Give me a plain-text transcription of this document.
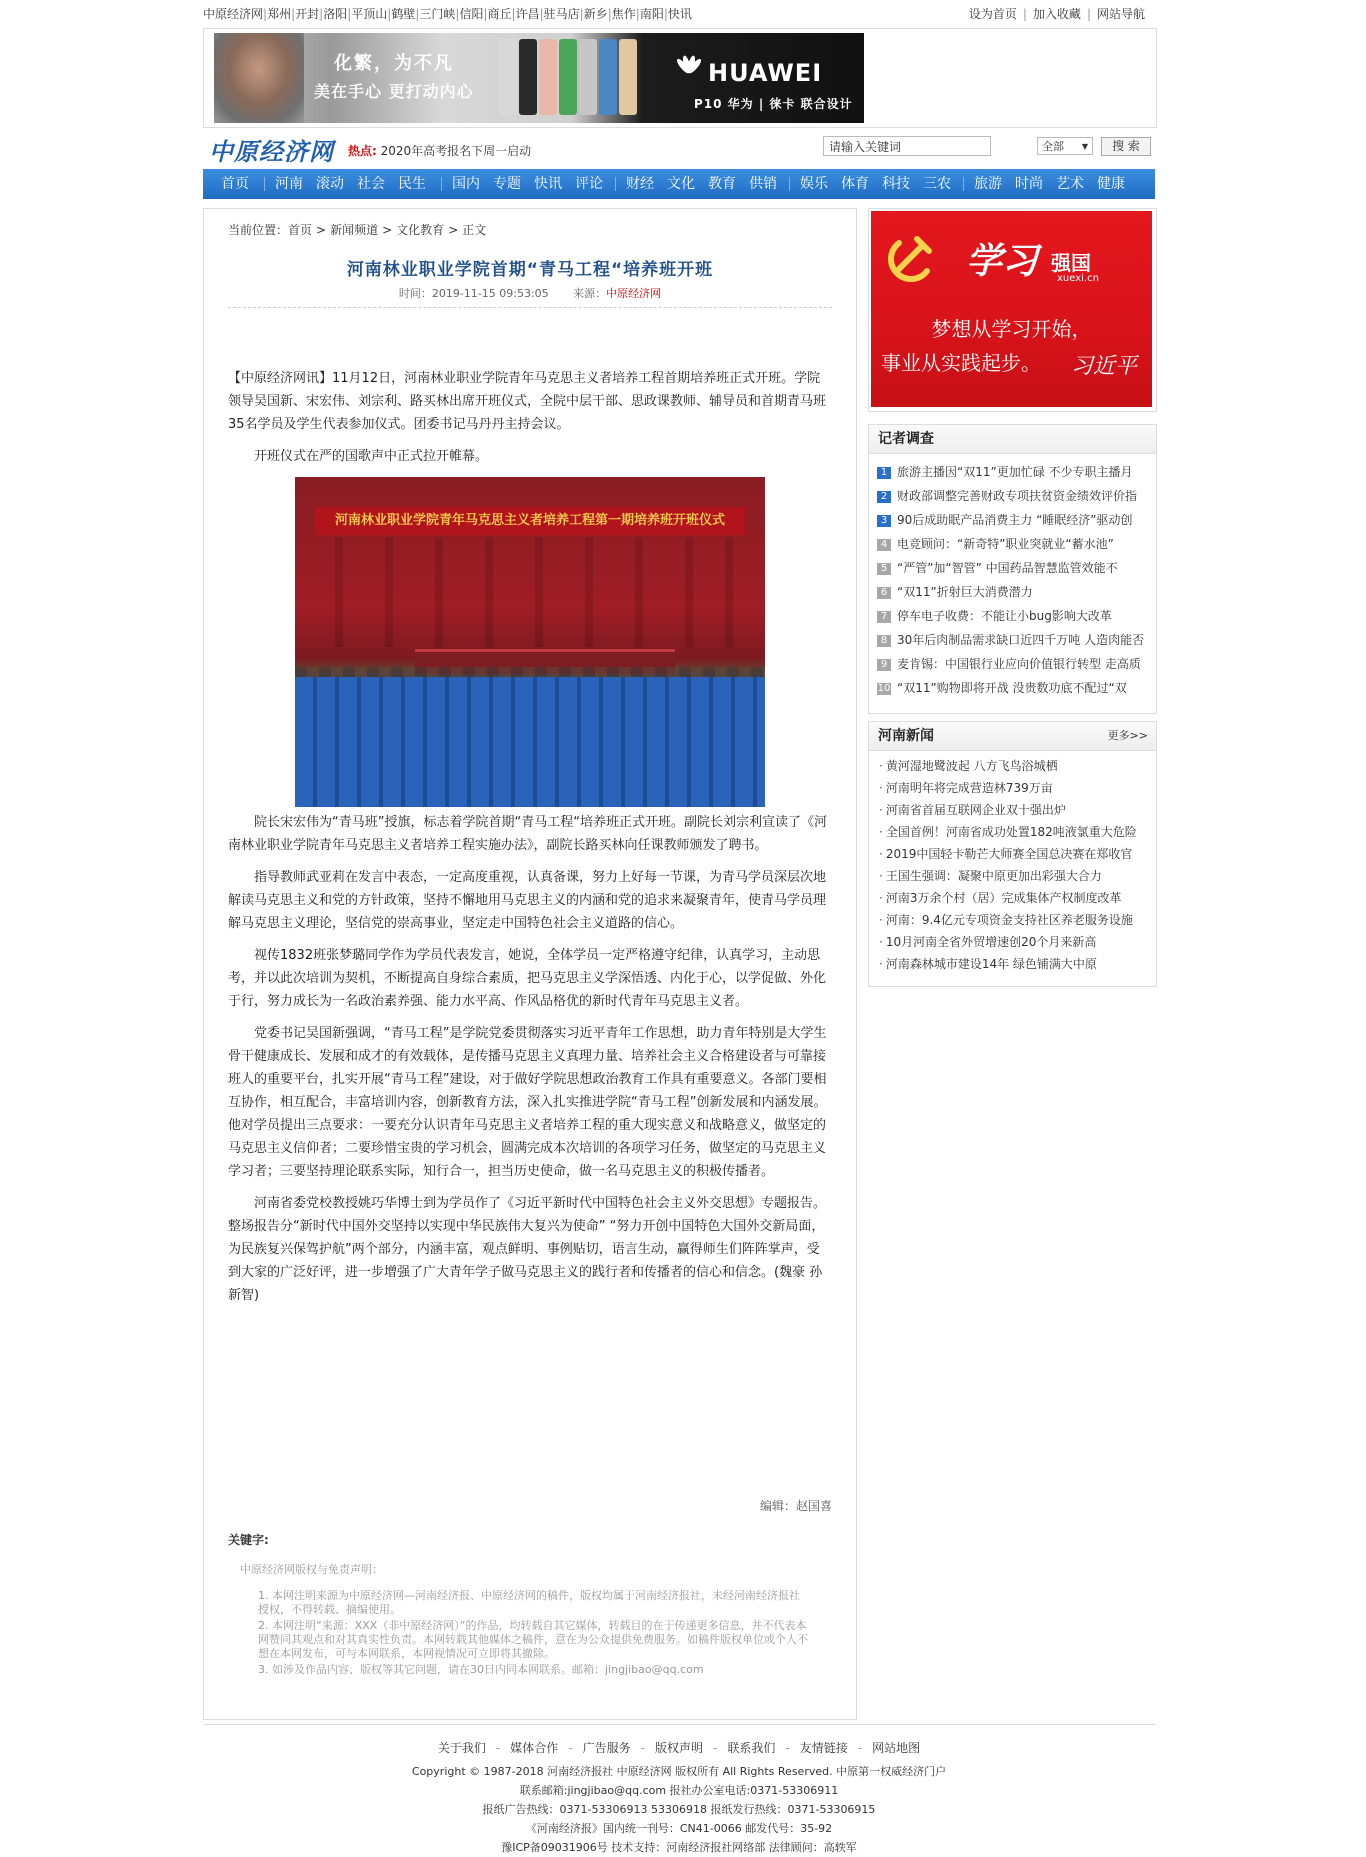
中原经济网|郑州|开封|洛阳|平顶山|鹤壁|三门峡|信阳|商丘|许昌|驻马店|新乡|焦作|南阳|快讯	设为首页 | 加入收藏 | 网站导航
化繁，为不凡
美在手心 更打动内心
HUAWEI
P10 华为 | 徕卡 联合设计
中原经济网 热点: 2020年高考报名下周一启动	请输入关键词	全部 ▼	搜 索
首页 河南 滚动 社会 民生 国内 专题 快讯 评论 财经 文化 教育 供销 娱乐 体育 科技 三农 旅游 时尚 艺术 健康
当前位置：首页 > 新闻频道 > 文化教育 > 正文
河南林业职业学院首期“青马工程“培养班开班
时间：2019-11-15 09:53:05 来源：中原经济网

【中原经济网讯】11月12日，河南林业职业学院青年马克思主义者培养工程首期培养班正式开班。学院领导吴国新、宋宏伟、刘宗利、路买林出席开班仪式，全院中层干部、思政课教师、辅导员和首期青马班35名学员及学生代表参加仪式。团委书记马丹丹主持会议。

开班仪式在严的国歌声中正式拉开帷幕。

河南林业职业学院青年马克思主义者培养工程第一期培养班开班仪式

院长宋宏伟为“青马班”授旗，标志着学院首期“青马工程“培养班正式开班。副院长刘宗利宣读了《河南林业职业学院青年马克思主义者培养工程实施办法》，副院长路买林向任课教师颁发了聘书。

指导教师武亚莉在发言中表态，一定高度重视，认真备课，努力上好每一节课，为青马学员深层次地解读马克思主义和党的方针政策，坚持不懈地用马克思主义的内涵和党的追求来凝聚青年，使青马学员理解马克思主义理论，坚信党的崇高事业，坚定走中国特色社会主义道路的信心。

视传1832班张梦璐同学作为学员代表发言，她说，全体学员一定严格遵守纪律，认真学习，主动思考，并以此次培训为契机，不断提高自身综合素质，把马克思主义学深悟透、内化于心，以学促做、外化于行，努力成长为一名政治素养强、能力水平高、作风品格优的新时代青年马克思主义者。

党委书记吴国新强调，“青马工程”是学院党委贯彻落实习近平青年工作思想，助力青年特别是大学生骨干健康成长、发展和成才的有效载体，是传播马克思主义真理力量、培养社会主义合格建设者与可靠接班人的重要平台，扎实开展“青马工程”建设，对于做好学院思想政治教育工作具有重要意义。各部门要相互协作，相互配合，丰富培训内容，创新教育方法，深入扎实推进学院“青马工程”创新发展和内涵发展。他对学员提出三点要求：一要充分认识青年马克思主义者培养工程的重大现实意义和战略意义，做坚定的马克思主义信仰者；二要珍惜宝贵的学习机会，圆满完成本次培训的各项学习任务，做坚定的马克思主义学习者；三要坚持理论联系实际，知行合一，担当历史使命，做一名马克思主义的积极传播者。

河南省委党校教授姚巧华博士到为学员作了《习近平新时代中国特色社会主义外交思想》专题报告。整场报告分“新时代中国外交坚持以实现中华民族伟大复兴为使命” “努力开创中国特色大国外交新局面，为民族复兴保驾护航”两个部分，内涵丰富，观点鲜明、事例贴切，语言生动，赢得师生们阵阵掌声，受到大家的广泛好评，进一步增强了广大青年学子做马克思主义的践行者和传播者的信心和信念。(魏豪 孙新智)

编辑：赵国喜
关键字:
中原经济网版权与免责声明：
1. 本网注明来源为中原经济网—河南经济报、中原经济网的稿件，版权均属于河南经济报社，未经河南经济报社授权，不得转载、摘编使用。
2. 本网注明“来源：XXX（非中原经济网）”的作品，均转载自其它媒体，转载目的在于传递更多信息，并不代表本网赞同其观点和对其真实性负责。本网转载其他媒体之稿件，意在为公众提供免费服务。如稿件版权单位或个人不想在本网发布，可与本网联系，本网视情况可立即将其撤除。
3. 如涉及作品内容、版权等其它问题，请在30日内同本网联系。邮箱：jingjibao@qq.com
学习 强国
xuexi.cn
梦想从学习开始，
事业从实践起步。 习近平
记者调查
1 旅游主播因“双11”更加忙碌 不少专职主播月
2 财政部调整完善财政专项扶贫资金绩效评价指
3 90后成助眠产品消费主力 “睡眠经济”驱动创
4 电竞顾问：“新奇特”职业突就业“蓄水池”
5 “严管”加“智管” 中国药品智慧监管效能不
6 “双11”折射巨大消费潜力
7 停车电子收费：不能让小bug影响大改革
8 30年后肉制品需求缺口近四千万吨 人造肉能否
9 麦肯锡：中国银行业应向价值银行转型 走高质
10 “双11”购物即将开战 没贵数功底不配过“双
河南新闻	更多>>
· 黄河湿地鹭波起 八方飞鸟浴城栖
· 河南明年将完成营造林739万亩
· 河南省首届互联网企业双十强出炉
· 全国首例！河南省成功处置182吨液氯重大危险
· 2019中国轻卡勒芒大师赛全国总决赛在郑收官
· 王国生强调：凝聚中原更加出彩强大合力
· 河南3万余个村（居）完成集体产权制度改革
· 河南：9.4亿元专项资金支持社区养老服务设施
· 10月河南全省外贸增速创20个月来新高
· 河南森林城市建设14年 绿色铺满大中原
关于我们 - 媒体合作 - 广告服务 - 版权声明 - 联系我们 - 友情链接 - 网站地图
Copyright © 1987-2018 河南经济报社 中原经济网 版权所有 All Rights Reserved. 中原第一权威经济门户
联系邮箱:jingjibao@qq.com 报社办公室电话:0371-53306911
报纸广告热线：0371-53306913 53306918 报纸发行热线：0371-53306915
《河南经济报》国内统一刊号：CN41-0066 邮发代号：35-92
豫ICP备09031906号 技术支持：河南经济报社网络部 法律顾问：高轶军
